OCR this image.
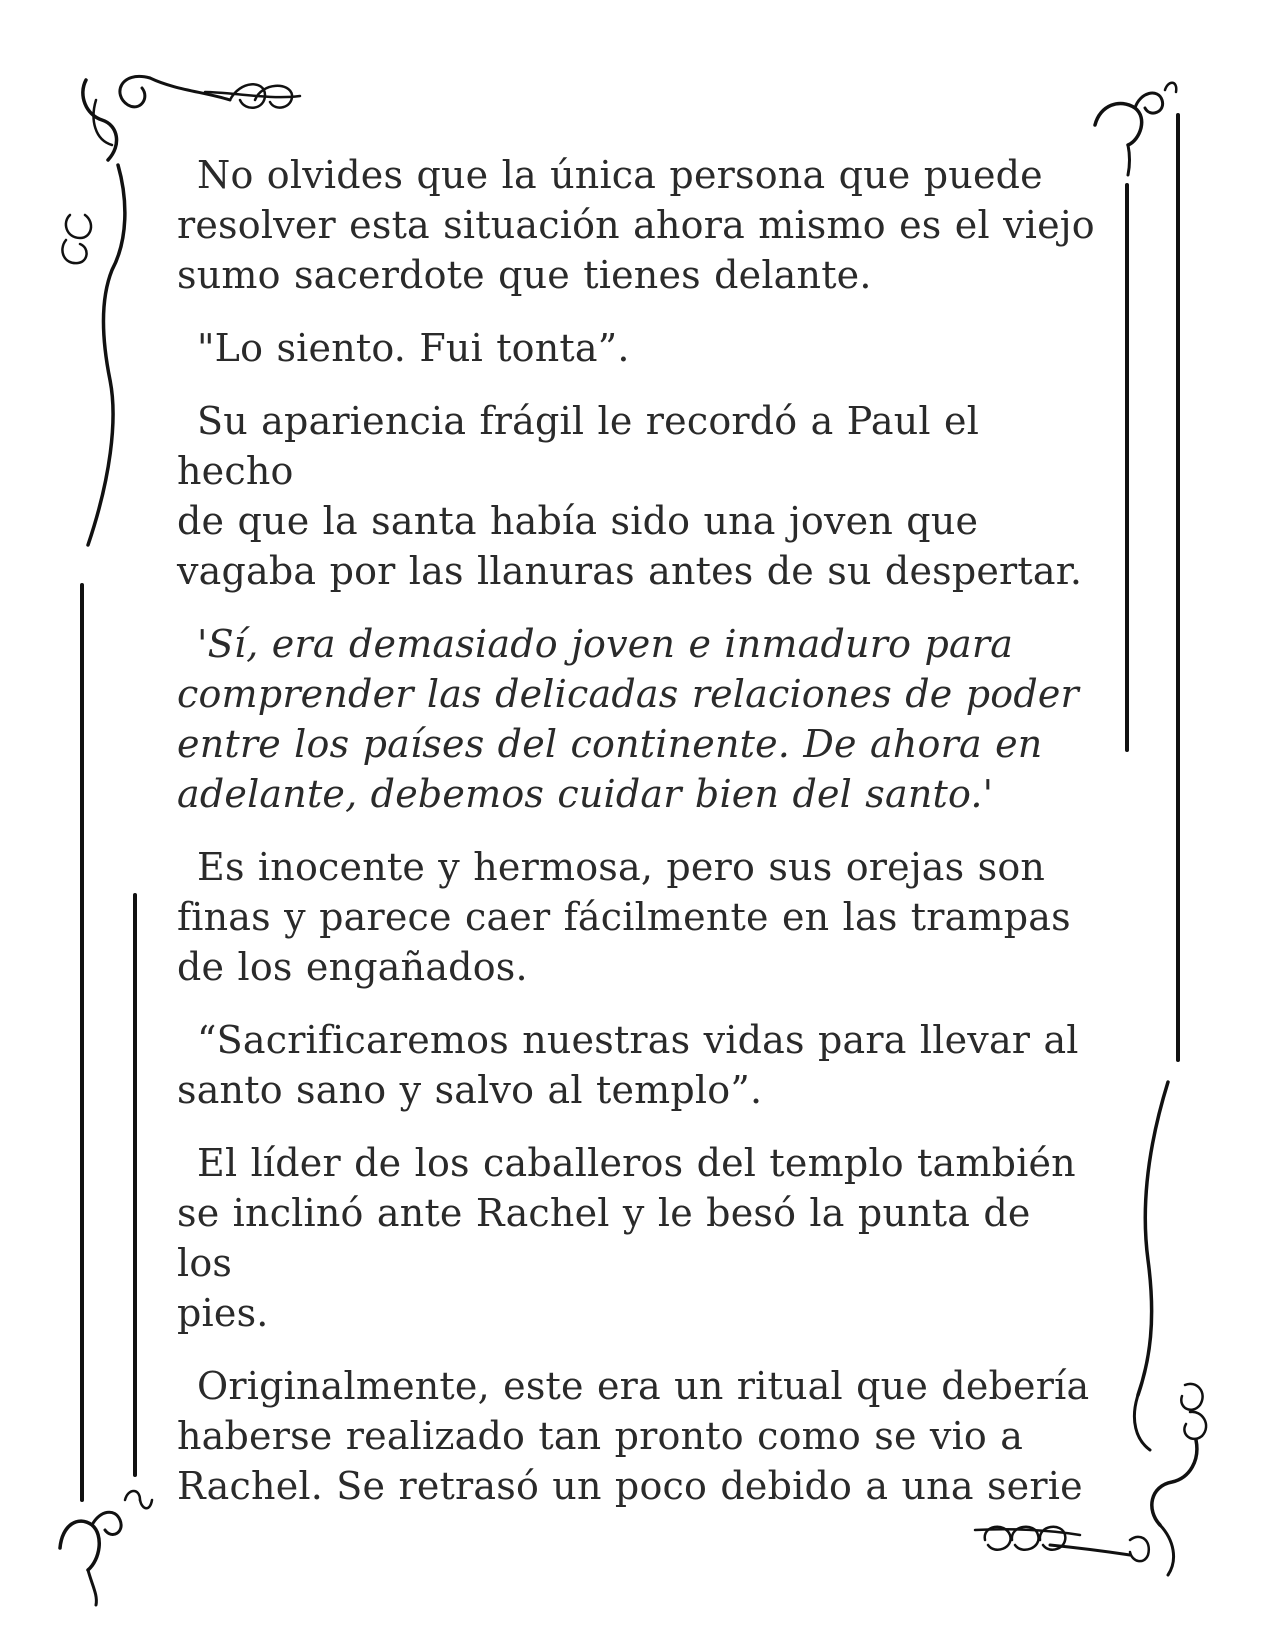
No olvides que la única persona que puede
resolver esta situación ahora mismo es el viejo
sumo sacerdote que tienes delante.
"Lo siento. Fui tonta”.
Su apariencia frágil le recordó a Paul el hecho
de que la santa había sido una joven que
vagaba por las llanuras antes de su despertar.
'Sí, era demasiado joven e inmaduro para
comprender las delicadas relaciones de poder
entre los países del continente. De ahora en
adelante, debemos cuidar bien del santo.'
Es inocente y hermosa, pero sus orejas son
finas y parece caer fácilmente en las trampas
de los engañados.
“Sacrificaremos nuestras vidas para llevar al
santo sano y salvo al templo”.
El líder de los caballeros del templo también
se inclinó ante Rachel y le besó la punta de los
pies.
Originalmente, este era un ritual que debería
haberse realizado tan pronto como se vio a
Rachel. Se retrasó un poco debido a una serie
